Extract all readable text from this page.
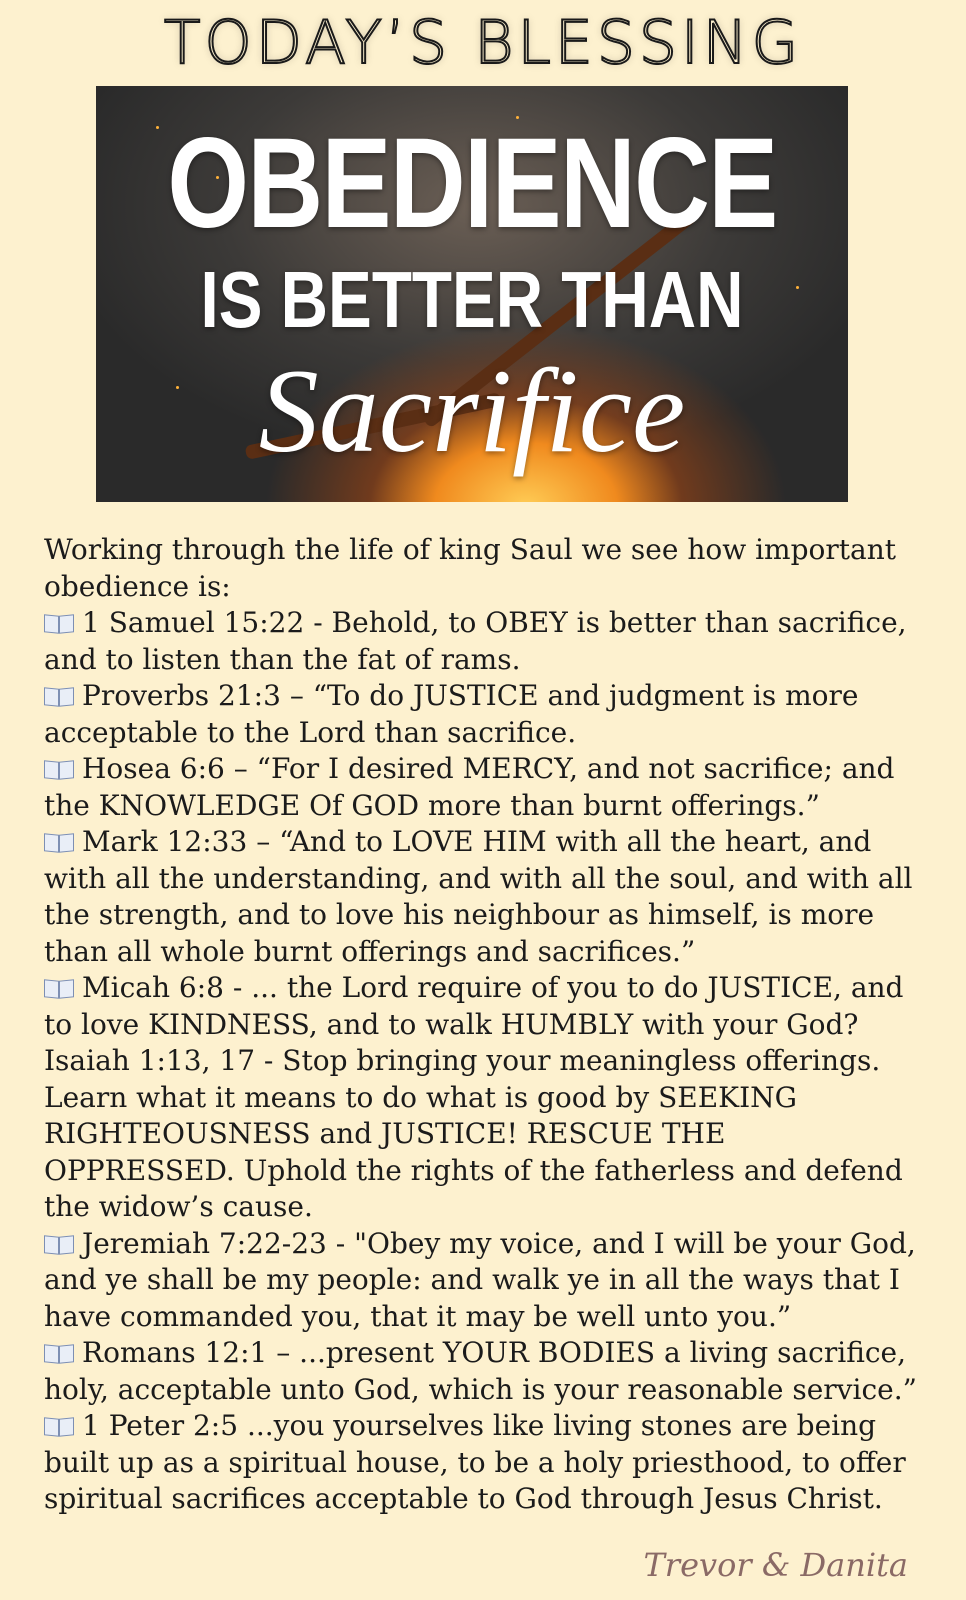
TODAY’S BLESSING
OBEDIENCE
IS BETTER THAN
Sacrifice

Working through the life of king Saul we see how important obedience is:

1 Samuel 15:22 - Behold, to OBEY is better than sacrifice, and to listen than the fat of rams.

Proverbs 21:3 – “To do JUSTICE and judgment is more acceptable to the Lord than sacrifice.

Hosea 6:6 – “For I desired MERCY, and not sacrifice; and the KNOWLEDGE Of GOD more than burnt offerings.”

Mark 12:33 – “And to LOVE HIM with all the heart, and with all the understanding, and with all the soul, and with all the strength, and to love his neighbour as himself, is more than all whole burnt offerings and sacrifices.”

Micah 6:8 - ... the Lord require of you to do JUSTICE, and to love KINDNESS, and to walk HUMBLY with your God?

Isaiah 1:13, 17 - Stop bringing your meaningless offerings. Learn what it means to do what is good by SEEKING RIGHTEOUSNESS and JUSTICE! RESCUE THE OPPRESSED. Uphold the rights of the fatherless and defend the widow’s cause.

Jeremiah 7:22-23 - "Obey my voice, and I will be your God, and ye shall be my people: and walk ye in all the ways that I have commanded you, that it may be well unto you.”

Romans 12:1 – ...present YOUR BODIES a living sacrifice, holy, acceptable unto God, which is your reasonable service.”

1 Peter 2:5 ...you yourselves like living stones are being built up as a spiritual house, to be a holy priesthood, to offer spiritual sacrifices acceptable to God through Jesus Christ.

Trevor & Danita
